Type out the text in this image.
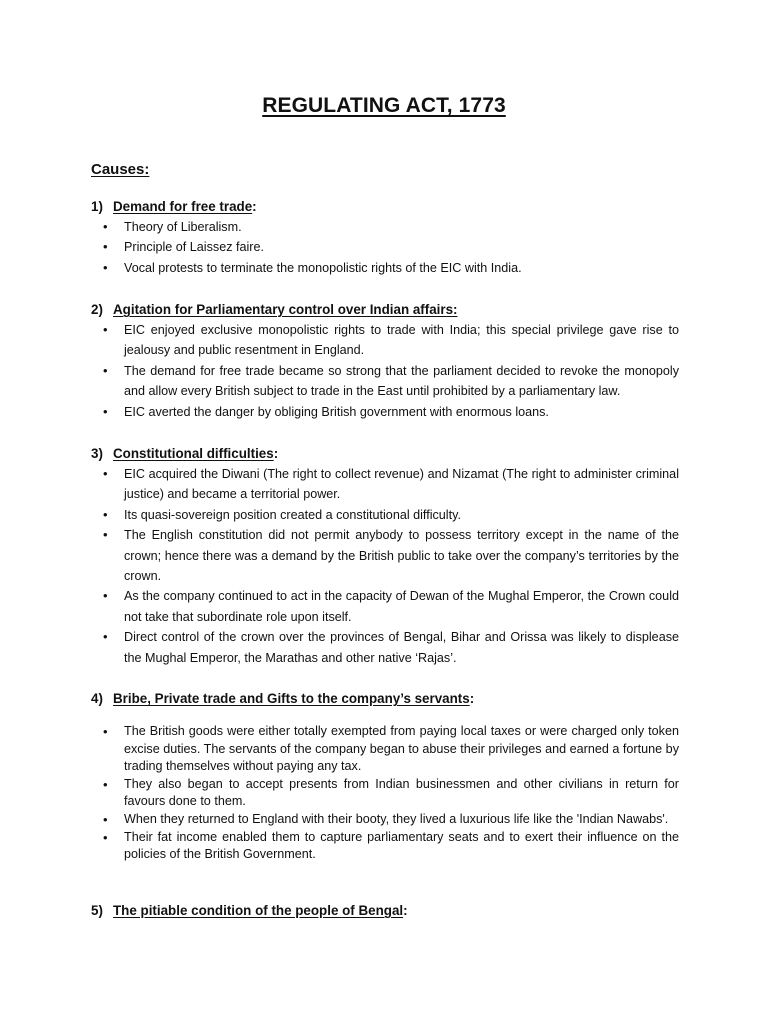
REGULATING ACT, 1773
Causes:
1) Demand for free trade:
• Theory of Liberalism.
• Principle of Laissez faire.
• Vocal protests to terminate the monopolistic rights of the EIC with India.
2) Agitation for Parliamentary control over Indian affairs:
• EIC enjoyed exclusive monopolistic rights to trade with India; this special privilege gave rise to jealousy and public resentment in England.
• The demand for free trade became so strong that the parliament decided to revoke the monopoly and allow every British subject to trade in the East until prohibited by a parliamentary law.
• EIC averted the danger by obliging British government with enormous loans.
3) Constitutional difficulties:
• EIC acquired the Diwani (The right to collect revenue) and Nizamat (The right to administer criminal justice) and became a territorial power.
• Its quasi-sovereign position created a constitutional difficulty.
• The English constitution did not permit anybody to possess territory except in the name of the crown; hence there was a demand by the British public to take over the company’s territories by the crown.
• As the company continued to act in the capacity of Dewan of the Mughal Emperor, the Crown could not take that subordinate role upon itself.
• Direct control of the crown over the provinces of Bengal, Bihar and Orissa was likely to displease the Mughal Emperor, the Marathas and other native ‘Rajas’.
4) Bribe, Private trade and Gifts to the company’s servants:
• The British goods were either totally exempted from paying local taxes or were charged only token excise duties. The servants of the company began to abuse their privileges and earned a fortune by trading themselves without paying any tax.
• They also began to accept presents from Indian businessmen and other civilians in return for favours done to them.
• When they returned to England with their booty, they lived a luxurious life like the 'Indian Nawabs'.
• Their fat income enabled them to capture parliamentary seats and to exert their influence on the policies of the British Government.
5) The pitiable condition of the people of Bengal:
